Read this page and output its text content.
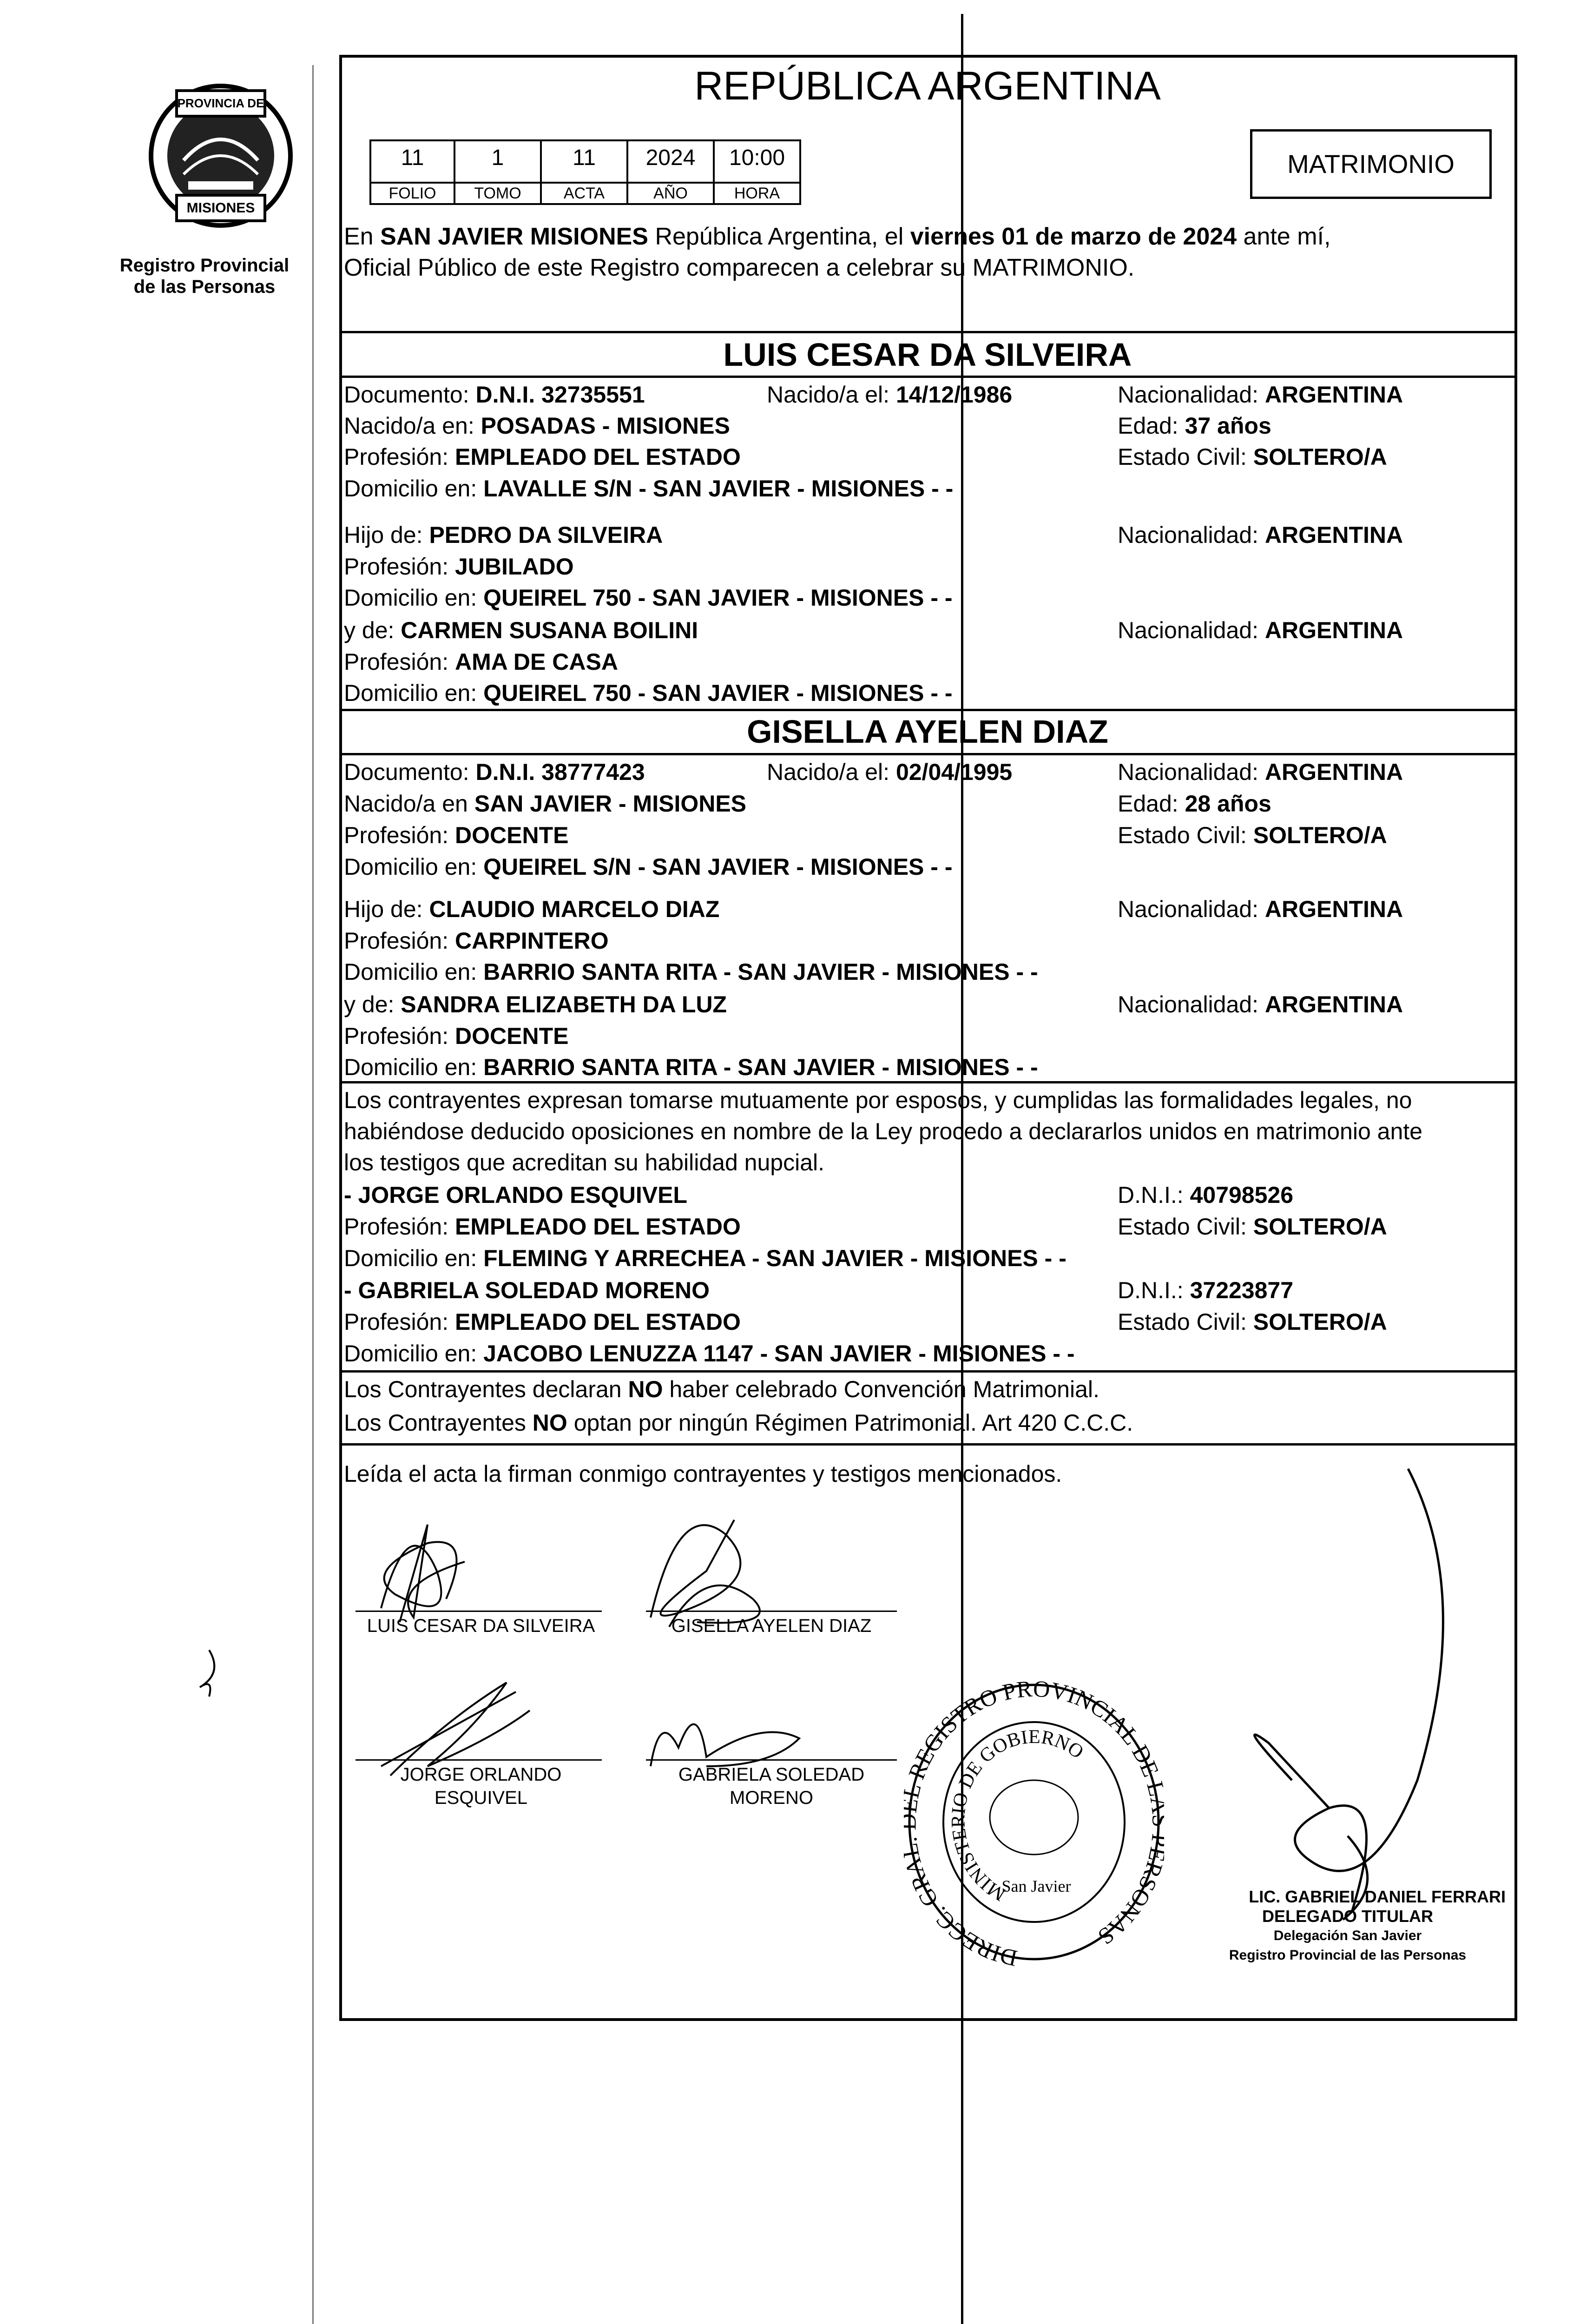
PROVINCIA DE
MISIONES
Registro Provincial
de las Personas
REPÚBLICA ARGENTINA
11	1	11	2024	10:00
FOLIO	TOMO	ACTA	AÑO	HORA
MATRIMONIO
En SAN JAVIER MISIONES República Argentina, el viernes 01 de marzo de 2024 ante mí,
Oficial Público de este Registro comparecen a celebrar su MATRIMONIO.
LUIS CESAR DA SILVEIRA
Documento: D.N.I. 32735551	Nacido/a el: 14/12/1986	Nacionalidad: ARGENTINA
Nacido/a en: POSADAS - MISIONES	Edad: 37 años
Profesión: EMPLEADO DEL ESTADO	Estado Civil: SOLTERO/A
Domicilio en: LAVALLE S/N - SAN JAVIER - MISIONES - -
Hijo de: PEDRO DA SILVEIRA	Nacionalidad: ARGENTINA
Profesión: JUBILADO
Domicilio en: QUEIREL 750 - SAN JAVIER - MISIONES - -
y de: CARMEN SUSANA BOILINI	Nacionalidad: ARGENTINA
Profesión: AMA DE CASA
Domicilio en: QUEIREL 750 - SAN JAVIER - MISIONES - -
GISELLA AYELEN DIAZ
Documento: D.N.I. 38777423	Nacido/a el: 02/04/1995	Nacionalidad: ARGENTINA
Nacido/a en SAN JAVIER - MISIONES	Edad: 28 años
Profesión: DOCENTE	Estado Civil: SOLTERO/A
Domicilio en: QUEIREL S/N - SAN JAVIER - MISIONES - -
Hijo de: CLAUDIO MARCELO DIAZ	Nacionalidad: ARGENTINA
Profesión: CARPINTERO
Domicilio en: BARRIO SANTA RITA - SAN JAVIER - MISIONES - -
y de: SANDRA ELIZABETH DA LUZ	Nacionalidad: ARGENTINA
Profesión: DOCENTE
Domicilio en: BARRIO SANTA RITA - SAN JAVIER - MISIONES - -
Los contrayentes expresan tomarse mutuamente por esposos, y cumplidas las formalidades legales, no
habiéndose deducido oposiciones en nombre de la Ley procedo a declararlos unidos en matrimonio ante
los testigos que acreditan su habilidad nupcial.
- JORGE ORLANDO ESQUIVEL	D.N.I.: 40798526
Profesión: EMPLEADO DEL ESTADO	Estado Civil: SOLTERO/A
Domicilio en: FLEMING Y ARRECHEA - SAN JAVIER - MISIONES - -
- GABRIELA SOLEDAD MORENO	D.N.I.: 37223877
Profesión: EMPLEADO DEL ESTADO	Estado Civil: SOLTERO/A
Domicilio en: JACOBO LENUZZA 1147 - SAN JAVIER - MISIONES - -
Los Contrayentes declaran NO haber celebrado Convención Matrimonial.
Los Contrayentes NO optan por ningún Régimen Patrimonial. Art 420 C.C.C.
Leída el acta la firman conmigo contrayentes y testigos mencionados.
LUIS CESAR DA SILVEIRA	GISELLA AYELEN DIAZ
JORGE ORLANDO
ESQUIVEL
GABRIELA SOLEDAD
MORENO
DIRECC. GR REGISTRO PROVINCIAL DE SONAS
MINISTERIO DE GOBIERNO
San Javier
LIC. GABRIEL DANIEL FERRARI
DELEGADO TITULAR
Delegación San Javier
Registro Provincial de las Personas
